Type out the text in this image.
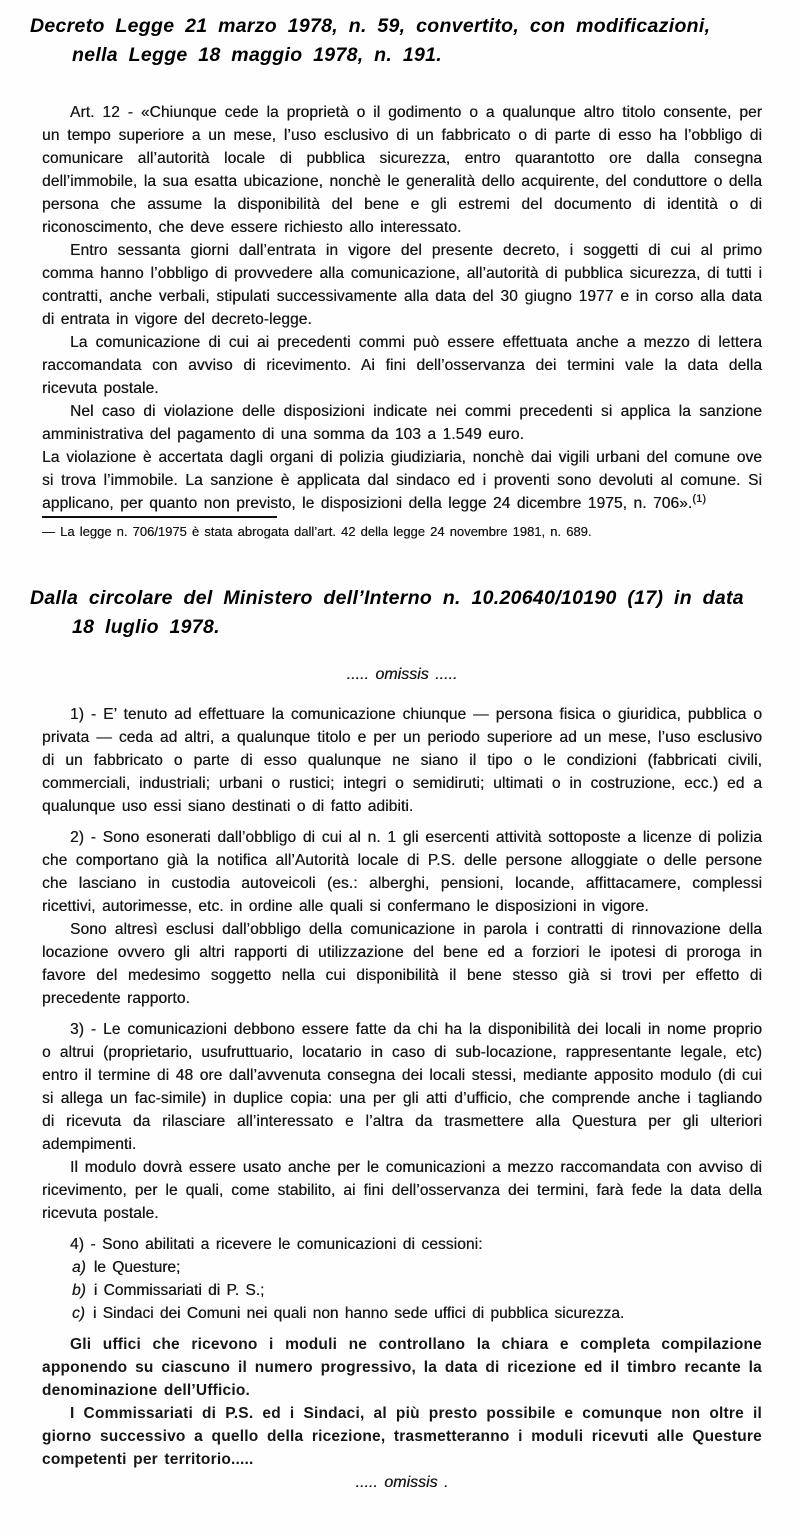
Decreto Legge 21 marzo 1978, n. 59, convertito, con modificazioni, nella Legge 18 maggio 1978, n. 191.

Art. 12 - «Chiunque cede la proprietà o il godimento o a qualunque altro titolo consente, per un tempo superiore a un mese, l’uso esclusivo di un fabbricato o di parte di esso ha l’obbligo di comunicare all’autorità locale di pubblica sicurezza, entro quarantotto ore dalla consegna dell’immobile, la sua esatta ubicazione, nonchè le generalità dello acquirente, del conduttore o della persona che assume la disponibilità del bene e gli estremi del documento di identità o di riconoscimento, che deve essere richiesto allo interessato.

Entro sessanta giorni dall’entrata in vigore del presente decreto, i soggetti di cui al primo comma hanno l’obbligo di provvedere alla comunicazione, all’autorità di pubblica sicurezza, di tutti i contratti, anche verbali, stipulati successivamente alla data del 30 giugno 1977 e in corso alla data di entrata in vigore del decreto-legge.

La comunicazione di cui ai precedenti commi può essere effettuata anche a mezzo di lettera raccomandata con avviso di ricevimento. Ai fini dell’osservanza dei termini vale la data della ricevuta postale.

Nel caso di violazione delle disposizioni indicate nei commi precedenti si applica la sanzione amministrativa del pagamento di una somma da 103 a 1.549 euro.

La violazione è accertata dagli organi di polizia giudiziaria, nonchè dai vigili urbani del comune ove si trova l’immobile. La sanzione è applicata dal sindaco ed i proventi sono devoluti al comune. Si applicano, per quanto non previsto, le disposizioni della legge 24 dicembre 1975, n. 706».$^{(1)}$

— La legge n. 706/1975 è stata abrogata dall’art. 42 della legge 24 novembre 1981, n. 689.

Dalla circolare del Ministero dell’Interno n. 10.20640/10190 (17) in data 18 luglio 1978.

..... omissis .....

1) - E’ tenuto ad effettuare la comunicazione chiunque — persona fisica o giuridica, pubblica o privata — ceda ad altri, a qualunque titolo e per un periodo superiore ad un mese, l’uso esclusivo di un fabbricato o parte di esso qualunque ne siano il tipo o le condizioni (fabbricati civili, commerciali, industriali; urbani o rustici; integri o semidiruti; ultimati o in costruzione, ecc.) ed a qualunque uso essi siano destinati o di fatto adibiti.

2) - Sono esonerati dall’obbligo di cui al n. 1 gli esercenti attività sottoposte a licenze di polizia che comportano già la notifica all’Autorità locale di P.S. delle persone alloggiate o delle persone che lasciano in custodia autoveicoli (es.: alberghi, pensioni, locande, affittacamere, complessi ricettivi, autorimesse, etc. in ordine alle quali si confermano le disposizioni in vigore.

Sono altresì esclusi dall’obbligo della comunicazione in parola i contratti di rinnovazione della locazione ovvero gli altri rapporti di utilizzazione del bene ed a forziori le ipotesi di proroga in favore del medesimo soggetto nella cui disponibilità il bene stesso già si trovi per effetto di precedente rapporto.

3) - Le comunicazioni debbono essere fatte da chi ha la disponibilità dei locali in nome proprio o altrui (proprietario, usufruttuario, locatario in caso di sub-locazione, rappresentante legale, etc) entro il termine di 48 ore dall’avvenuta consegna dei locali stessi, mediante apposito modulo (di cui si allega un fac-simile) in duplice copia: una per gli atti d’ufficio, che comprende anche i tagliando di ricevuta da rilasciare all’interessato e l’altra da trasmettere alla Questura per gli ulteriori adempimenti.

Il modulo dovrà essere usato anche per le comunicazioni a mezzo raccomandata con avviso di ricevimento, per le quali, come stabilito, ai fini dell’osservanza dei termini, farà fede la data della ricevuta postale.

4) - Sono abilitati a ricevere le comunicazioni di cessioni:

a) le Questure;
b) i Commissariati di P. S.;
c) i Sindaci dei Comuni nei quali non hanno sede uffici di pubblica sicurezza.

Gli uffici che ricevono i moduli ne controllano la chiara e completa compilazione apponendo su ciascuno il numero progressivo, la data di ricezione ed il timbro recante la denominazione dell’Ufficio.

I Commissariati di P.S. ed i Sindaci, al più presto possibile e comunque non oltre il giorno successivo a quello della ricezione, trasmetteranno i moduli ricevuti alle Questure competenti per territorio.....

..... omissis .
